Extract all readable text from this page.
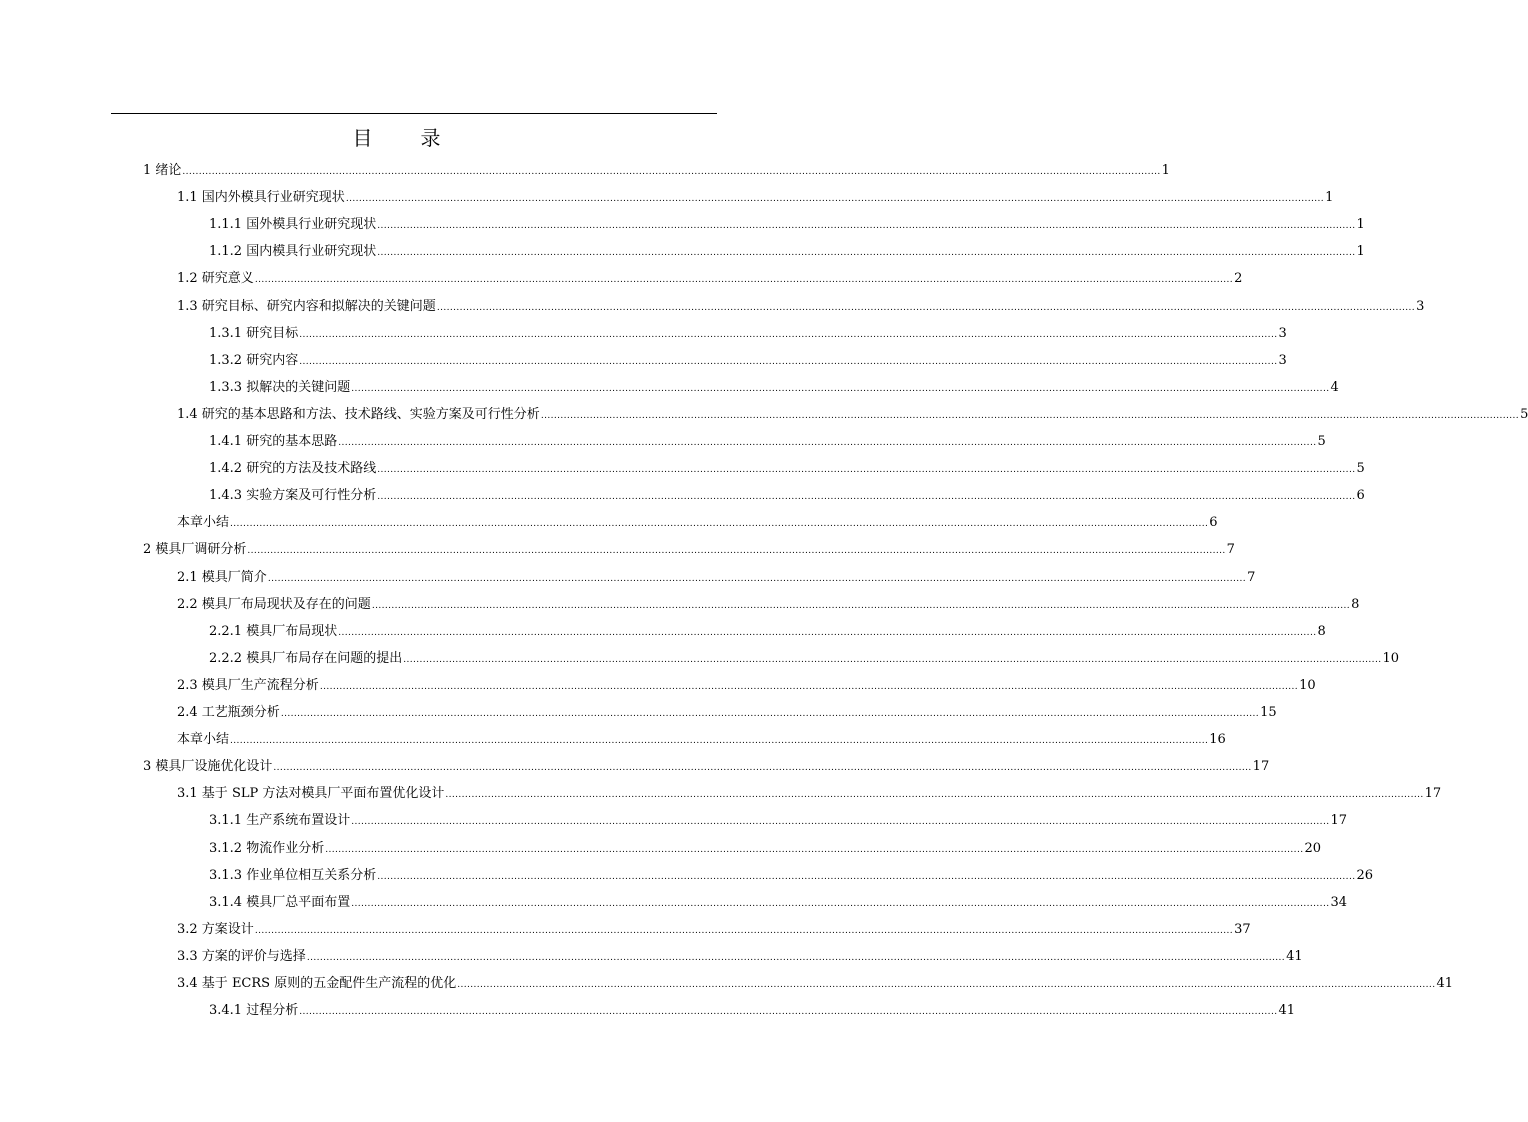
目　录
1 绪论 ............................................................................................................................................................................................................................................................................................................ 1
1.1 国内外模具行业研究现状 ............................................................................................................................................................................................................................................................................................................ 1
1.1.1 国外模具行业研究现状 ............................................................................................................................................................................................................................................................................................................ 1
1.1.2 国内模具行业研究现状 ............................................................................................................................................................................................................................................................................................................ 1
1.2 研究意义 ............................................................................................................................................................................................................................................................................................................ 2
1.3 研究目标、研究内容和拟解决的关键问题 ............................................................................................................................................................................................................................................................................................................ 3
1.3.1 研究目标 ............................................................................................................................................................................................................................................................................................................ 3
1.3.2 研究内容 ............................................................................................................................................................................................................................................................................................................ 3
1.3.3 拟解决的关键问题 ............................................................................................................................................................................................................................................................................................................ 4
1.4 研究的基本思路和方法、技术路线、实验方案及可行性分析 ............................................................................................................................................................................................................................................................................................................ 5
1.4.1 研究的基本思路 ............................................................................................................................................................................................................................................................................................................ 5
1.4.2 研究的方法及技术路线 ............................................................................................................................................................................................................................................................................................................ 5
1.4.3 实验方案及可行性分析 ............................................................................................................................................................................................................................................................................................................ 6
本章小结 ............................................................................................................................................................................................................................................................................................................ 6
2 模具厂调研分析 ............................................................................................................................................................................................................................................................................................................ 7
2.1 模具厂简介 ............................................................................................................................................................................................................................................................................................................ 7
2.2 模具厂布局现状及存在的问题 ............................................................................................................................................................................................................................................................................................................ 8
2.2.1 模具厂布局现状 ............................................................................................................................................................................................................................................................................................................ 8
2.2.2 模具厂布局存在问题的提出 ............................................................................................................................................................................................................................................................................................................ 10
2.3 模具厂生产流程分析 ............................................................................................................................................................................................................................................................................................................ 10
2.4 工艺瓶颈分析 ............................................................................................................................................................................................................................................................................................................ 15
本章小结 ............................................................................................................................................................................................................................................................................................................ 16
3 模具厂设施优化设计 ............................................................................................................................................................................................................................................................................................................ 17
3.1 基于 SLP 方法对模具厂平面布置优化设计 ............................................................................................................................................................................................................................................................................................................ 17
3.1.1 生产系统布置设计 ............................................................................................................................................................................................................................................................................................................ 17
3.1.2 物流作业分析 ............................................................................................................................................................................................................................................................................................................ 20
3.1.3 作业单位相互关系分析 ............................................................................................................................................................................................................................................................................................................ 26
3.1.4 模具厂总平面布置 ............................................................................................................................................................................................................................................................................................................ 34
3.2 方案设计 ............................................................................................................................................................................................................................................................................................................ 37
3.3 方案的评价与选择 ............................................................................................................................................................................................................................................................................................................ 41
3.4 基于 ECRS 原则的五金配件生产流程的优化 ............................................................................................................................................................................................................................................................................................................ 41
3.4.1 过程分析 ............................................................................................................................................................................................................................................................................................................ 41
